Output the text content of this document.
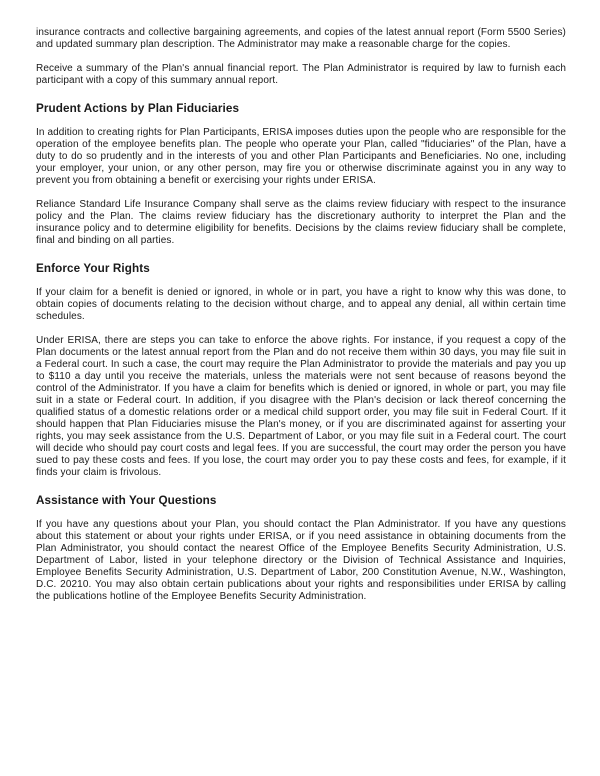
insurance contracts and collective bargaining agreements, and copies of the latest annual report (Form 5500 Series) and updated summary plan description. The Administrator may make a reasonable charge for the copies.

Receive a summary of the Plan's annual financial report. The Plan Administrator is required by law to furnish each participant with a copy of this summary annual report.

Prudent Actions by Plan Fiduciaries

In addition to creating rights for Plan Participants, ERISA imposes duties upon the people who are responsible for the operation of the employee benefits plan. The people who operate your Plan, called "fiduciaries" of the Plan, have a duty to do so prudently and in the interests of you and other Plan Participants and Beneficiaries. No one, including your employer, your union, or any other person, may fire you or otherwise discriminate against you in any way to prevent you from obtaining a benefit or exercising your rights under ERISA.

Reliance Standard Life Insurance Company shall serve as the claims review fiduciary with respect to the insurance policy and the Plan. The claims review fiduciary has the discretionary authority to interpret the Plan and the insurance policy and to determine eligibility for benefits. Decisions by the claims review fiduciary shall be complete, final and binding on all parties.

Enforce Your Rights

If your claim for a benefit is denied or ignored, in whole or in part, you have a right to know why this was done, to obtain copies of documents relating to the decision without charge, and to appeal any denial, all within certain time schedules.

Under ERISA, there are steps you can take to enforce the above rights. For instance, if you request a copy of the Plan documents or the latest annual report from the Plan and do not receive them within 30 days, you may file suit in a Federal court. In such a case, the court may require the Plan Administrator to provide the materials and pay you up to $110 a day until you receive the materials, unless the materials were not sent because of reasons beyond the control of the Administrator. If you have a claim for benefits which is denied or ignored, in whole or part, you may file suit in a state or Federal court. In addition, if you disagree with the Plan's decision or lack thereof concerning the qualified status of a domestic relations order or a medical child support order, you may file suit in Federal Court. If it should happen that Plan Fiduciaries misuse the Plan's money, or if you are discriminated against for asserting your rights, you may seek assistance from the U.S. Department of Labor, or you may file suit in a Federal court. The court will decide who should pay court costs and legal fees. If you are successful, the court may order the person you have sued to pay these costs and fees. If you lose, the court may order you to pay these costs and fees, for example, if it finds your claim is frivolous.

Assistance with Your Questions

If you have any questions about your Plan, you should contact the Plan Administrator. If you have any questions about this statement or about your rights under ERISA, or if you need assistance in obtaining documents from the Plan Administrator, you should contact the nearest Office of the Employee Benefits Security Administration, U.S. Department of Labor, listed in your telephone directory or the Division of Technical Assistance and Inquiries, Employee Benefits Security Administration, U.S. Department of Labor, 200 Constitution Avenue, N.W., Washington, D.C. 20210. You may also obtain certain publications about your rights and responsibilities under ERISA by calling the publications hotline of the Employee Benefits Security Administration.
